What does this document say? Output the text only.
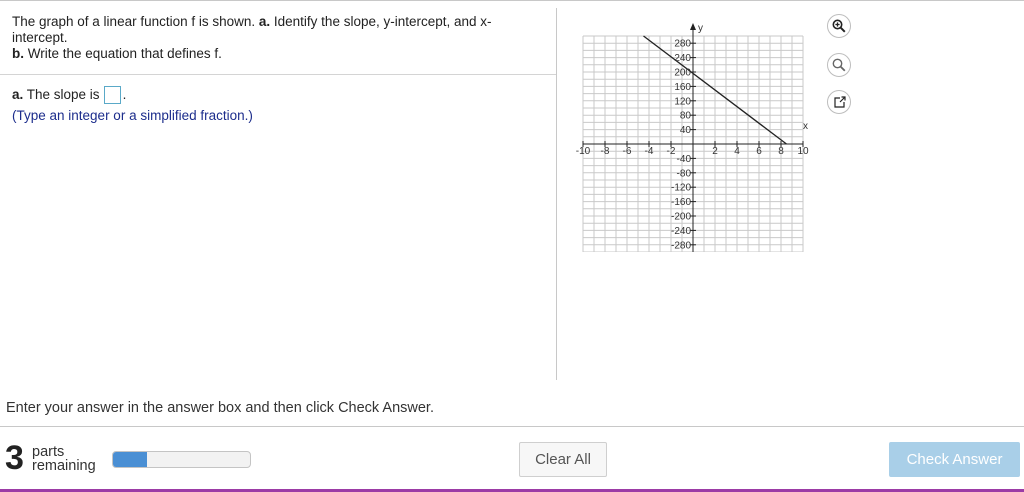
The graph of a linear function f is shown. a. Identify the slope, y-intercept, and x-intercept.
b. Write the equation that defines f.
a. The slope is .
(Type an integer or a simplified fraction.)
-10 -8 -6 -4 -2	2 4 6 8 10
280
240
200
160
120
80
40
-40
-80
-120
-160
-200
-240
-280
x
y
Enter your answer in the answer box and then click Check Answer.
3 parts
remaining	Clear All	Check Answer
